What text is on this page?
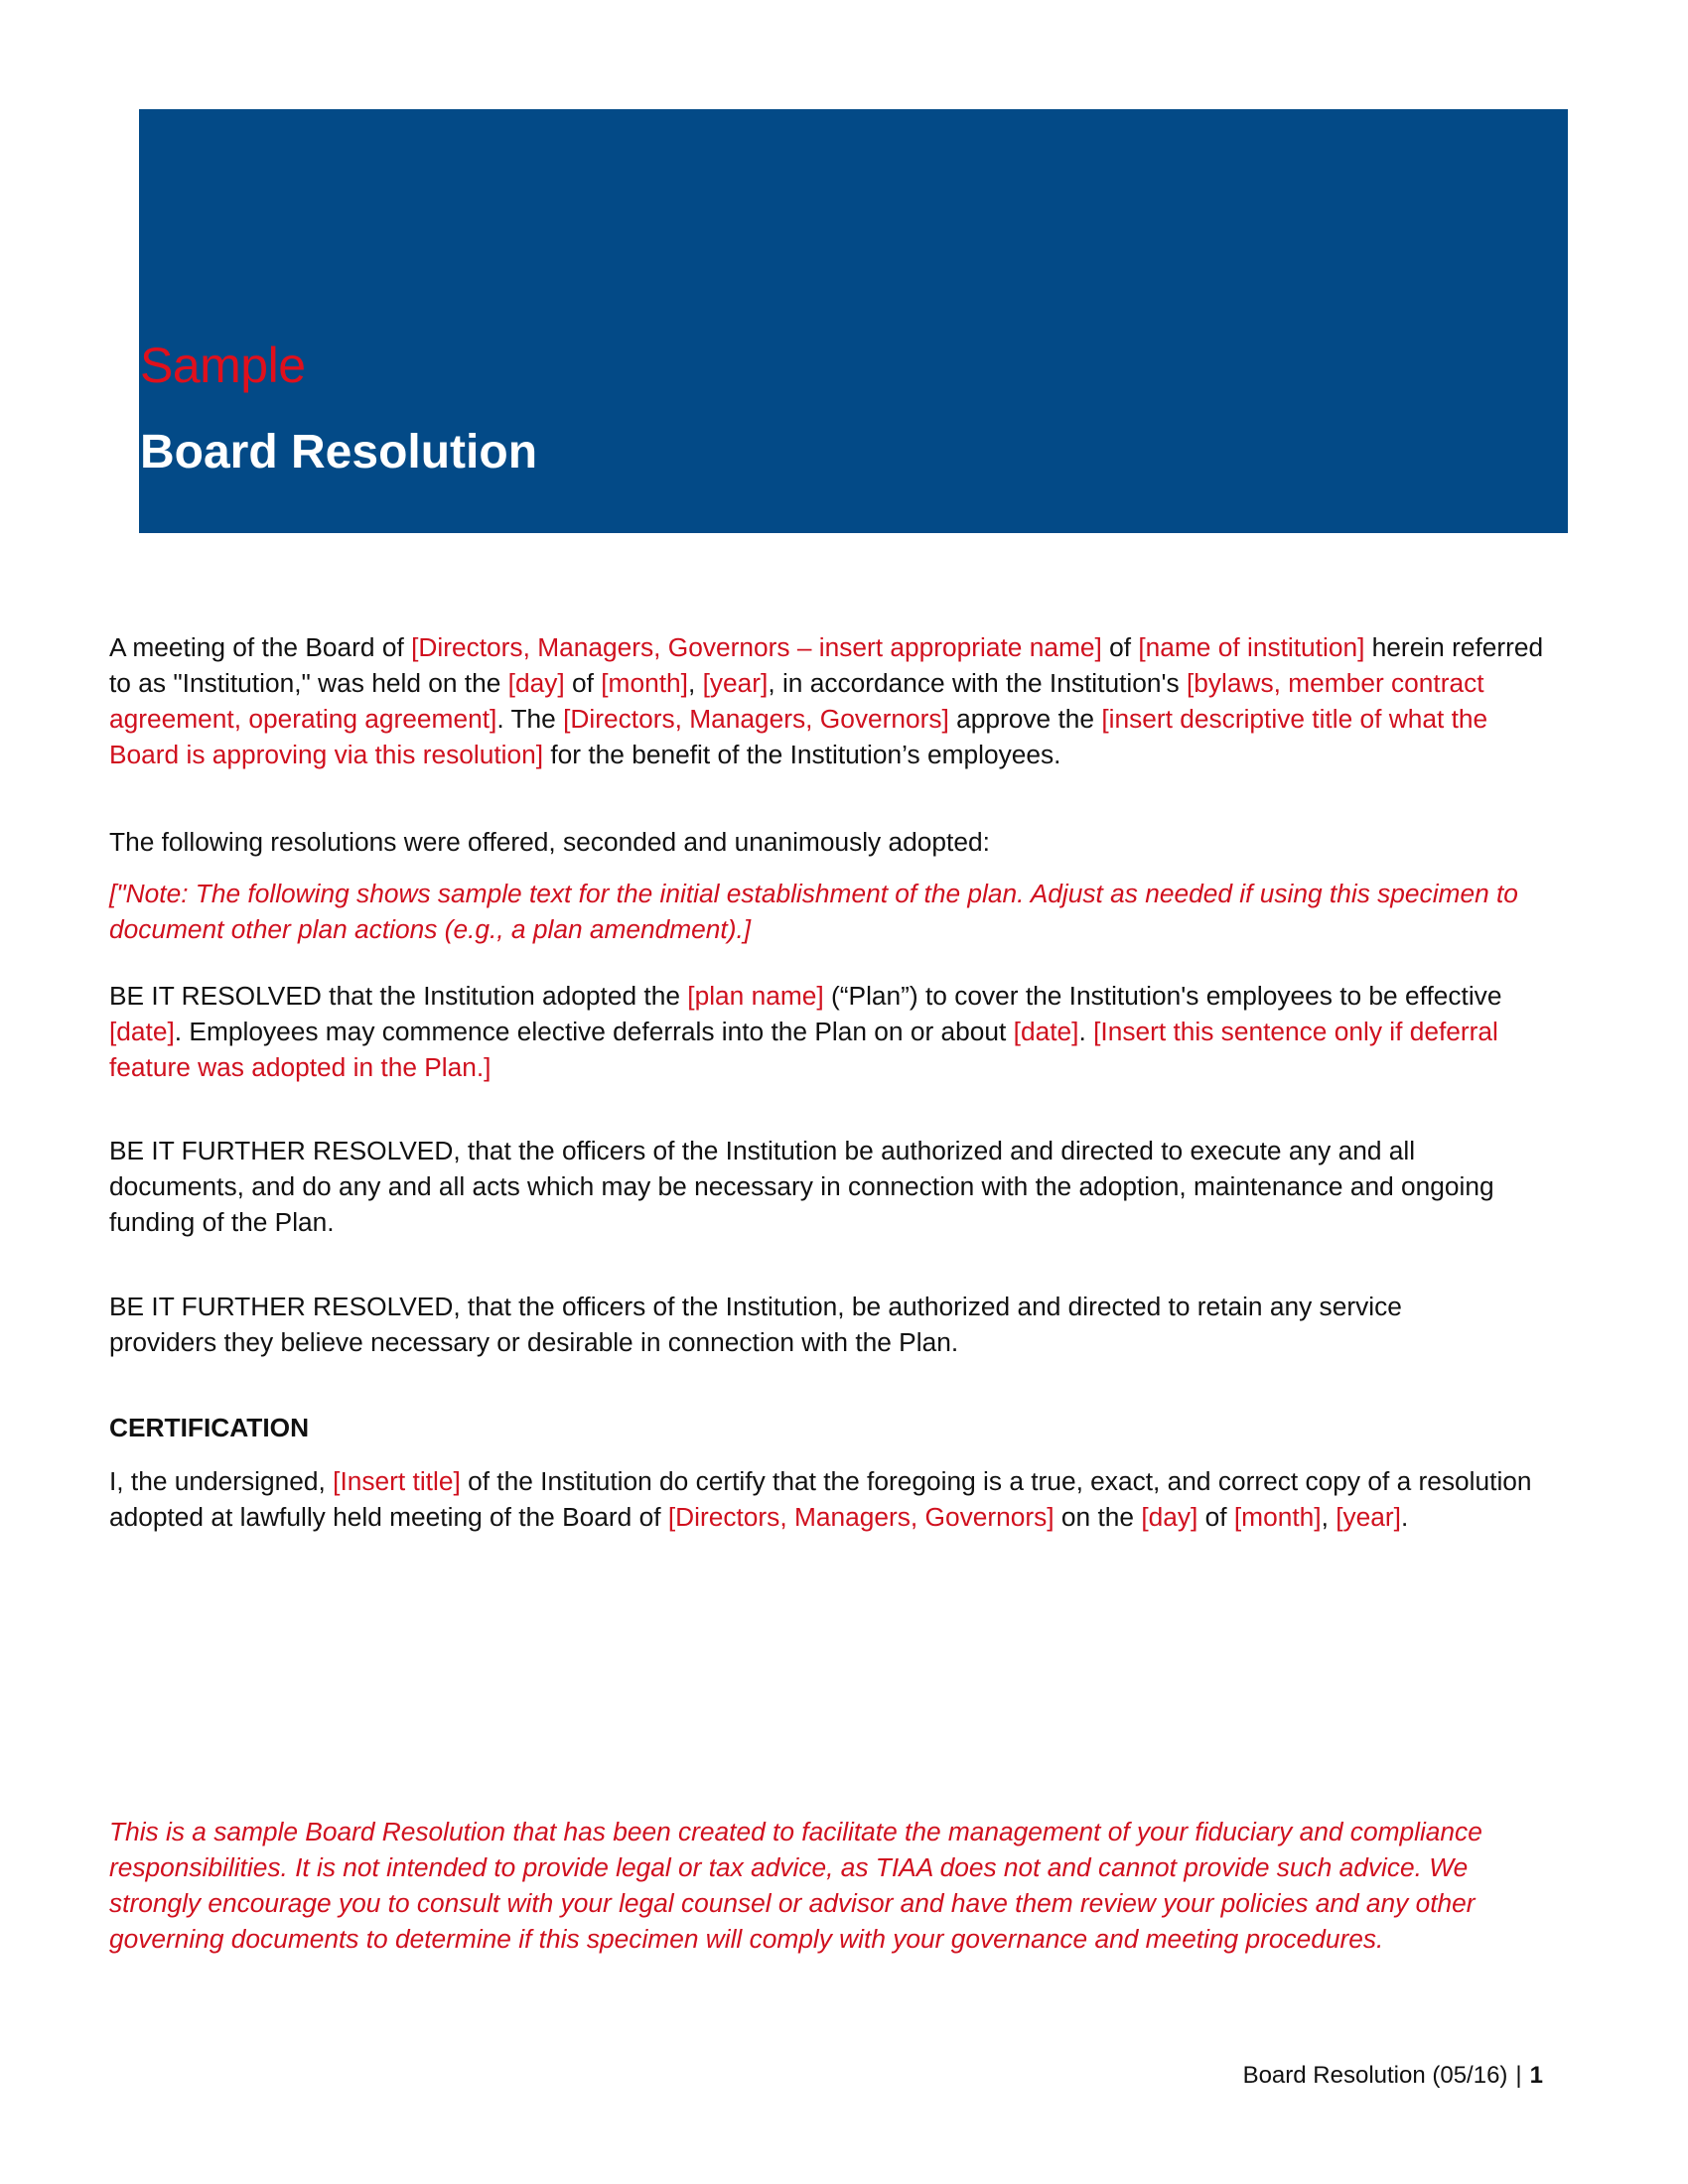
Sample
Board Resolution

A meeting of the Board of [Directors, Managers, Governors – insert appropriate name] of [name of institution] herein referred to as "Institution," was held on the [day] of [month], [year], in accordance with the Institution's [bylaws, member contract agreement, operating agreement]. The [Directors, Managers, Governors] approve the [insert descriptive title of what the Board is approving via this resolution] for the benefit of the Institution’s employees.

The following resolutions were offered, seconded and unanimously adopted:

["Note: The following shows sample text for the initial establishment of the plan. Adjust as needed if using this specimen to document other plan actions (e.g., a plan amendment).]

BE IT RESOLVED that the Institution adopted the [plan name] (“Plan”) to cover the Institution's employees to be effective [date]. Employees may commence elective deferrals into the Plan on or about [date]. [Insert this sentence only if deferral feature was adopted in the Plan.]

BE IT FURTHER RESOLVED, that the officers of the Institution be authorized and directed to execute any and all documents, and do any and all acts which may be necessary in connection with the adoption, maintenance and ongoing funding of the Plan.

BE IT FURTHER RESOLVED, that the officers of the Institution, be authorized and directed to retain any service providers they believe necessary or desirable in connection with the Plan.

CERTIFICATION

I, the undersigned, [Insert title] of the Institution do certify that the foregoing is a true, exact, and correct copy of a resolution adopted at lawfully held meeting of the Board of [Directors, Managers, Governors] on the [day] of [month], [year].

This is a sample Board Resolution that has been created to facilitate the management of your fiduciary and compliance responsibilities. It is not intended to provide legal or tax advice, as TIAA does not and cannot provide such advice. We strongly encourage you to consult with your legal counsel or advisor and have them review your policies and any other governing documents to determine if this specimen will comply with your governance and meeting procedures.

Board Resolution (05/16) | 1
